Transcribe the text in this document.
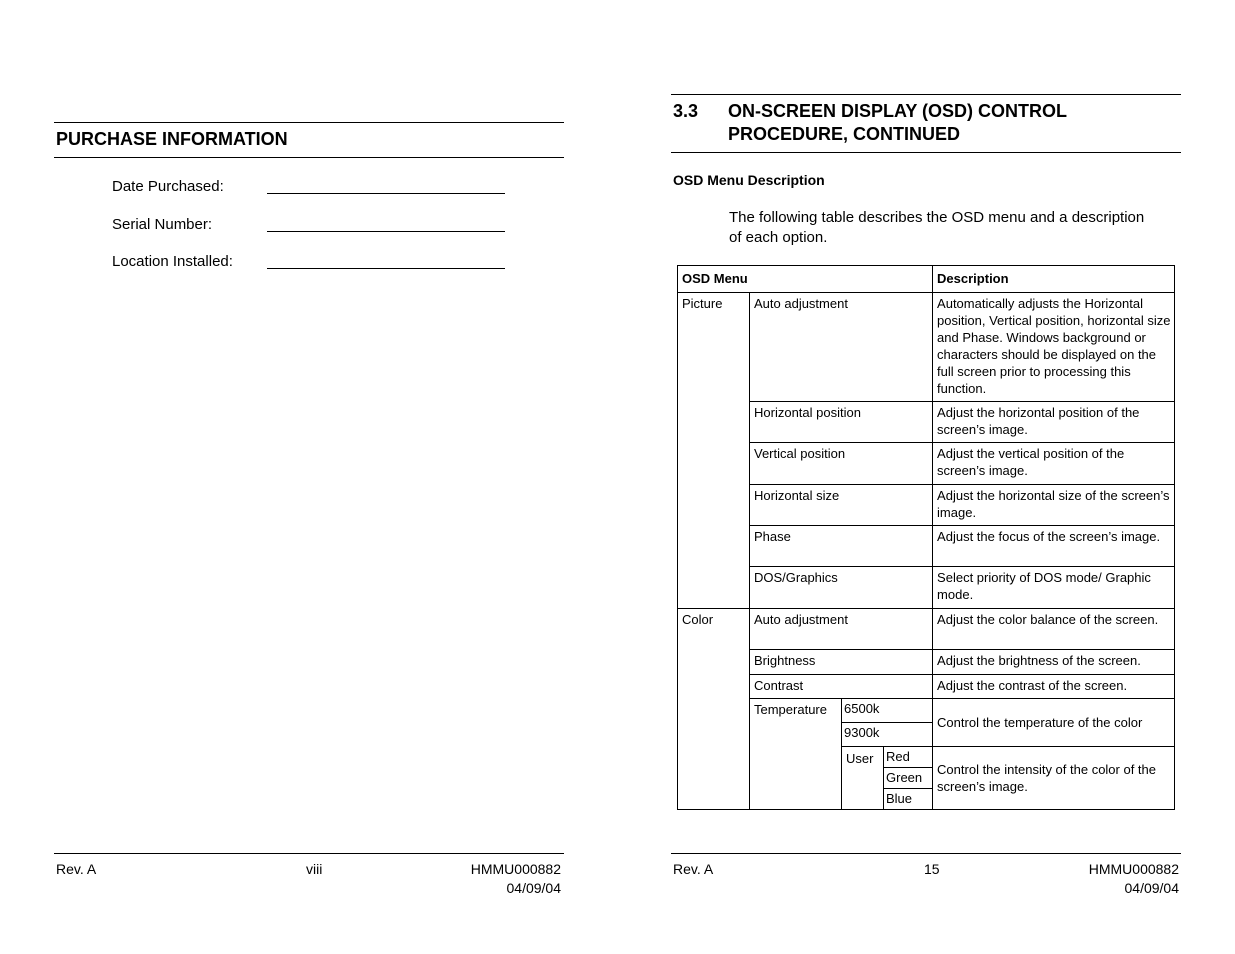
PURCHASE INFORMATION
Date Purchased:
Serial Number:
Location Installed:
Rev. A	viii	HMMU000882
04/09/04
3.3 ON-SCREEN DISPLAY (OSD) CONTROL
PROCEDURE, CONTINUED
OSD Menu Description
The following table describes the OSD menu and a description
of each option.
OSD Menu				Description
Picture	Auto adjustment			Automatically adjusts the Horizontal position, Vertical position, horizontal size and Phase. Windows background or characters should be displayed on the full screen prior to processing this function.
	Horizontal position			Adjust the horizontal position of the screen’s image.
	Vertical position			Adjust the vertical position of the screen’s image.
	Horizontal size			Adjust the horizontal size of the screen’s image.
	Phase			Adjust the focus of the screen’s image.
	DOS/Graphics			Select priority of DOS mode/ Graphic mode.
Color	Auto adjustment			Adjust the color balance of the screen.
	Brightness			Adjust the brightness of the screen.
	Contrast			Adjust the contrast of the screen.
	Temperature	6500k		Control the temperature of the color
		9300k		
		User	Red	Control the intensity of the color of the screen’s image.
			Green	
			Blue	
Rev. A	15	HMMU000882
04/09/04
